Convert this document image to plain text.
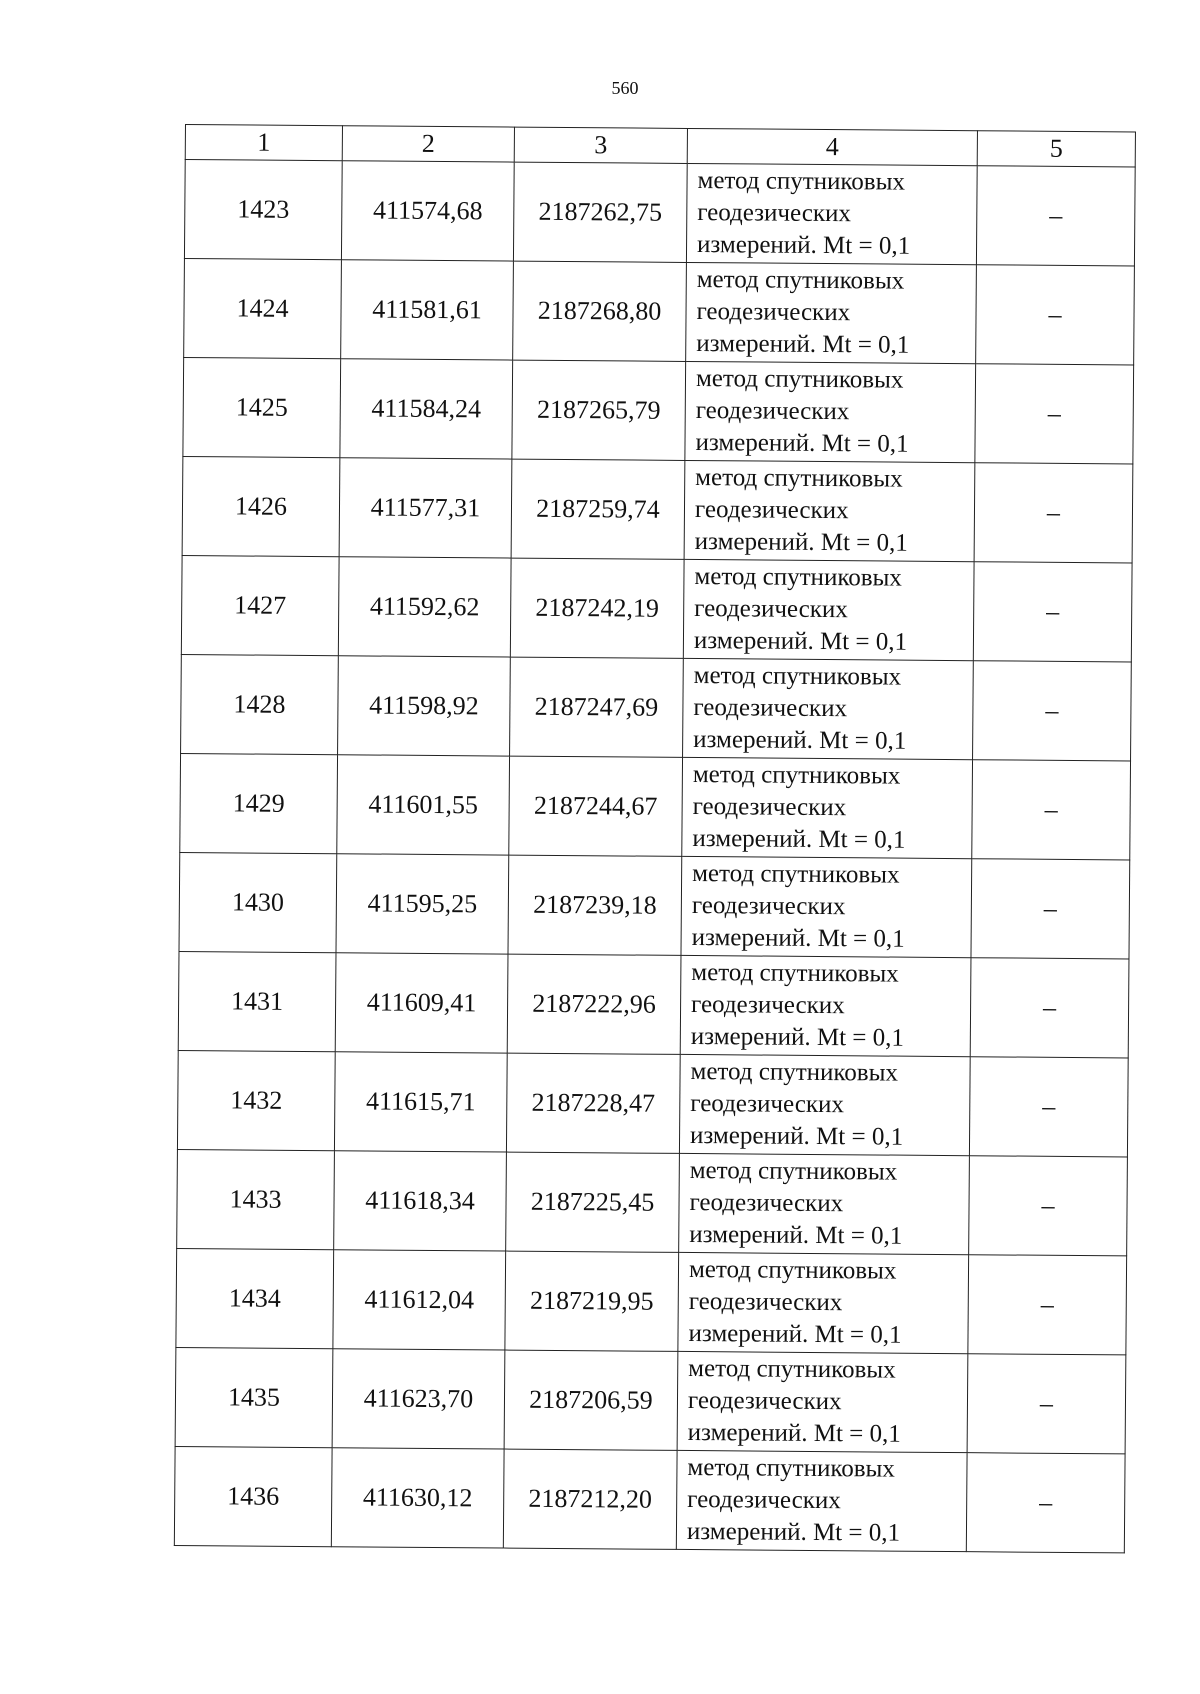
560
1	2	3	4	5
1423	411574,68	2187262,75	метод спутниковых
геодезических
измерений. Mt = 0,1	–
1424	411581,61	2187268,80	метод спутниковых
геодезических
измерений. Mt = 0,1	–
1425	411584,24	2187265,79	метод спутниковых
геодезических
измерений. Mt = 0,1	–
1426	411577,31	2187259,74	метод спутниковых
геодезических
измерений. Mt = 0,1	–
1427	411592,62	2187242,19	метод спутниковых
геодезических
измерений. Mt = 0,1	–
1428	411598,92	2187247,69	метод спутниковых
геодезических
измерений. Mt = 0,1	–
1429	411601,55	2187244,67	метод спутниковых
геодезических
измерений. Mt = 0,1	–
1430	411595,25	2187239,18	метод спутниковых
геодезических
измерений. Mt = 0,1	–
1431	411609,41	2187222,96	метод спутниковых
геодезических
измерений. Mt = 0,1	–
1432	411615,71	2187228,47	метод спутниковых
геодезических
измерений. Mt = 0,1	–
1433	411618,34	2187225,45	метод спутниковых
геодезических
измерений. Mt = 0,1	–
1434	411612,04	2187219,95	метод спутниковых
геодезических
измерений. Mt = 0,1	–
1435	411623,70	2187206,59	метод спутниковых
геодезических
измерений. Mt = 0,1	–
1436	411630,12	2187212,20	метод спутниковых
геодезических
измерений. Mt = 0,1	–
